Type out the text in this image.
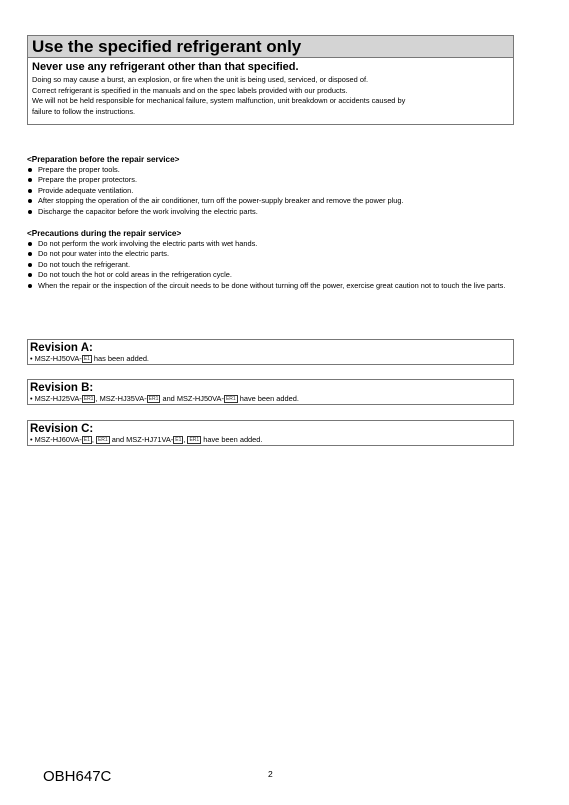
Use the specified refrigerant only
Never use any refrigerant other than that specified.
Doing so may cause a burst, an explosion, or fire when the unit is being used, serviced, or disposed of.
Correct refrigerant is specified in the manuals and on the spec labels provided with our products.
We will not be held responsible for mechanical failure, system malfunction, unit breakdown or accidents caused by
failure to follow the instructions.
<Preparation before the repair service>
Prepare the proper tools.
Prepare the proper protectors.
Provide adequate ventilation.
After stopping the operation of the air conditioner, turn off the power-supply breaker and remove the power plug.
Discharge the capacitor before the work involving the electric parts.
<Precautions during the repair service>
Do not perform the work involving the electric parts with wet hands.
Do not pour water into the electric parts.
Do not touch the refrigerant.
Do not touch the hot or cold areas in the refrigeration cycle.
When the repair or the inspection of the circuit needs to be done without turning off the power, exercise great caution not to touch the live parts.
Revision A:
• MSZ-HJ50VA- E1 has been added.
Revision B:
• MSZ-HJ25VA- ER1 , MSZ-HJ35VA- ER1 and MSZ-HJ50VA- ER1 have been added.
Revision C:
• MSZ-HJ60VA- E1 , ER1 and MSZ-HJ71VA- E1 , ER1 have been added.
OBH647C	2
